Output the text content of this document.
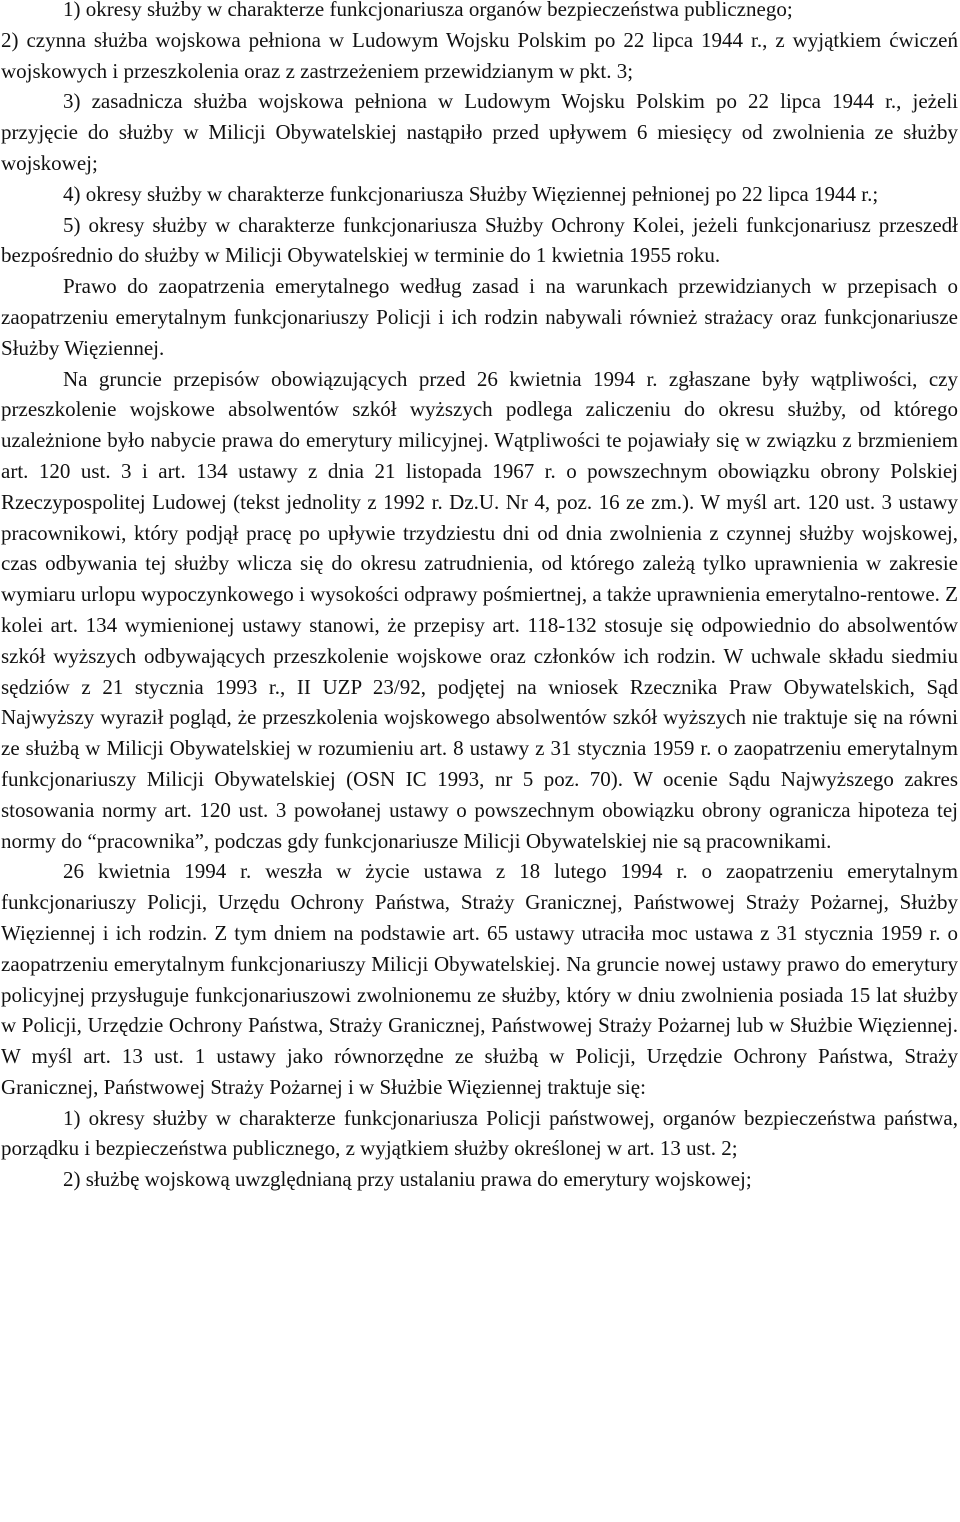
1) okresy służby w charakterze funkcjonariusza organów bezpieczeństwa publicznego;

2) czynna służba wojskowa pełniona w Ludowym Wojsku Polskim po 22 lipca 1944 r., z wyjątkiem ćwiczeń wojskowych i przeszkolenia oraz z zastrzeżeniem przewidzianym w pkt. 3;

3) zasadnicza służba wojskowa pełniona w Ludowym Wojsku Polskim po 22 lipca 1944 r., jeżeli przyjęcie do służby w Milicji Obywatelskiej nastąpiło przed upływem 6 miesięcy od zwolnienia ze służby wojskowej;

4) okresy służby w charakterze funkcjonariusza Służby Więziennej pełnionej po 22 lipca 1944 r.;

5) okresy służby w charakterze funkcjonariusza Służby Ochrony Kolei, jeżeli funkcjonariusz przeszedł bezpośrednio do służby w Milicji Obywatelskiej w terminie do 1 kwietnia 1955 roku.

Prawo do zaopatrzenia emerytalnego według zasad i na warunkach przewidzianych w przepisach o zaopatrzeniu emerytalnym funkcjonariuszy Policji i ich rodzin nabywali również strażacy oraz funkcjonariusze Służby Więziennej.

Na gruncie przepisów obowiązujących przed 26 kwietnia 1994 r. zgłaszane były wątpliwości, czy przeszkolenie wojskowe absolwentów szkół wyższych podlega zaliczeniu do okresu służby, od którego uzależnione było nabycie prawa do emerytury milicyjnej. Wątpliwości te pojawiały się w związku z brzmieniem art. 120 ust. 3 i art. 134 ustawy z dnia 21 listopada 1967 r. o powszechnym obowiązku obrony Polskiej Rzeczypospolitej Ludowej (tekst jednolity z 1992 r. Dz.U. Nr 4, poz. 16 ze zm.). W myśl art. 120 ust. 3 ustawy pracownikowi, który podjął pracę po upływie trzydziestu dni od dnia zwolnienia z czynnej służby wojskowej, czas odbywania tej służby wlicza się do okresu zatrudnienia, od którego zależą tylko uprawnienia w zakresie wymiaru urlopu wypoczynkowego i wysokości odprawy pośmiertnej, a także uprawnienia emerytalno-rentowe. Z kolei art. 134 wymienionej ustawy stanowi, że przepisy art. 118-132 stosuje się odpowiednio do absolwentów szkół wyższych odbywających przeszkolenie wojskowe oraz członków ich rodzin. W uchwale składu siedmiu sędziów z 21 stycznia 1993 r., II UZP 23/92, podjętej na wniosek Rzecznika Praw Obywatelskich, Sąd Najwyższy wyraził pogląd, że przeszkolenia wojskowego absolwentów szkół wyższych nie traktuje się na równi ze służbą w Milicji Obywatelskiej w rozumieniu art. 8 ustawy z 31 stycznia 1959 r. o zaopatrzeniu emerytalnym funkcjonariuszy Milicji Obywatelskiej (OSN IC 1993, nr 5 poz. 70). W ocenie Sądu Najwyższego zakres stosowania normy art. 120 ust. 3 powołanej ustawy o powszechnym obowiązku obrony ogranicza hipoteza tej normy do “pracownika”, podczas gdy funkcjonariusze Milicji Obywatelskiej nie są pracownikami.

26 kwietnia 1994 r. weszła w życie ustawa z 18 lutego 1994 r. o zaopatrzeniu emerytalnym funkcjonariuszy Policji, Urzędu Ochrony Państwa, Straży Granicznej, Państwowej Straży Pożarnej, Służby Więziennej i ich rodzin. Z tym dniem na podstawie art. 65 ustawy utraciła moc ustawa z 31 stycznia 1959 r. o zaopatrzeniu emerytalnym funkcjonariuszy Milicji Obywatelskiej. Na gruncie nowej ustawy prawo do emerytury policyjnej przysługuje funkcjonariuszowi zwolnionemu ze służby, który w dniu zwolnienia posiada 15 lat służby w Policji, Urzędzie Ochrony Państwa, Straży Granicznej, Państwowej Straży Pożarnej lub w Służbie Więziennej. W myśl art. 13 ust. 1 ustawy jako równorzędne ze służbą w Policji, Urzędzie Ochrony Państwa, Straży Granicznej, Państwowej Straży Pożarnej i w Służbie Więziennej traktuje się:

1) okresy służby w charakterze funkcjonariusza Policji państwowej, organów bezpieczeństwa państwa, porządku i bezpieczeństwa publicznego, z wyjątkiem służby określonej w art. 13 ust. 2;

2) służbę wojskową uwzględnianą przy ustalaniu prawa do emerytury wojskowej;
